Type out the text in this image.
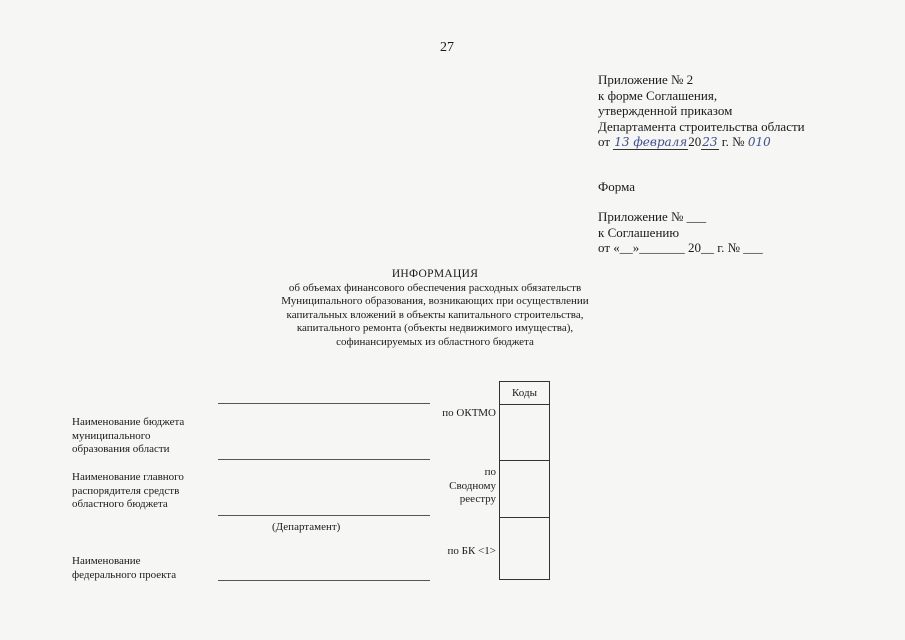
27
Приложение № 2
к форме Соглашения,
утвержденной приказом
Департамента строительства области
от 13 февраля2023 г. № 010
Форма
Приложение № ___
к Соглашению
от «__»_______ 20__ г. № ___
ИНФОРМАЦИЯ
об объемах финансового обеспечения расходных обязательств
Муниципального образования, возникающих при осуществлении
капитальных вложений в объекты капитального строительства,
капитального ремонта (объекты недвижимого имущества),
софинансируемых из областного бюджета
Коды
по ОКТМО
по
Сводному
реестру
по БК <1>
Наименование бюджета
муниципального
образования области
Наименование главного
распорядителя средств
областного бюджета
(Департамент)
Наименование
федерального проекта
